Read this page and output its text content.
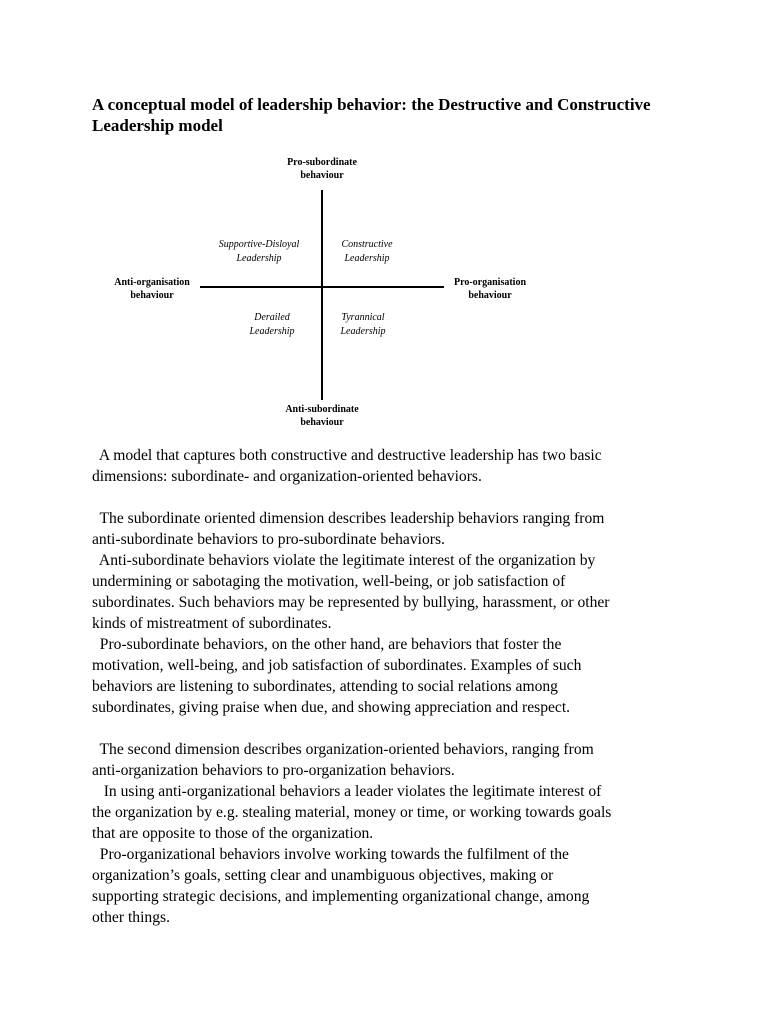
A conceptual model of leadership behavior: the Destructive and Constructive Leadership model
Pro-subordinate
behaviour
Anti-subordinate
behaviour
Anti-organisation
behaviour
Pro-organisation
behaviour
Supportive-Disloyal
Leadership
Constructive
Leadership
Derailed
Leadership
Tyrannical
Leadership

A model that captures both constructive and destructive leadership has two basic

dimensions: subordinate- and organization-oriented behaviors.

The subordinate oriented dimension describes leadership behaviors ranging from

anti-subordinate behaviors to pro-subordinate behaviors.

Anti-subordinate behaviors violate the legitimate interest of the organization by

undermining or sabotaging the motivation, well-being, or job satisfaction of

subordinates. Such behaviors may be represented by bullying, harassment, or other

kinds of mistreatment of subordinates.

Pro-subordinate behaviors, on the other hand, are behaviors that foster the

motivation, well-being, and job satisfaction of subordinates. Examples of such

behaviors are listening to subordinates, attending to social relations among

subordinates, giving praise when due, and showing appreciation and respect.

The second dimension describes organization-oriented behaviors, ranging from

anti-organization behaviors to pro-organization behaviors.

In using anti-organizational behaviors a leader violates the legitimate interest of

the organization by e.g. stealing material, money or time, or working towards goals

that are opposite to those of the organization.

Pro-organizational behaviors involve working towards the fulfilment of the

organization’s goals, setting clear and unambiguous objectives, making or

supporting strategic decisions, and implementing organizational change, among

other things.
